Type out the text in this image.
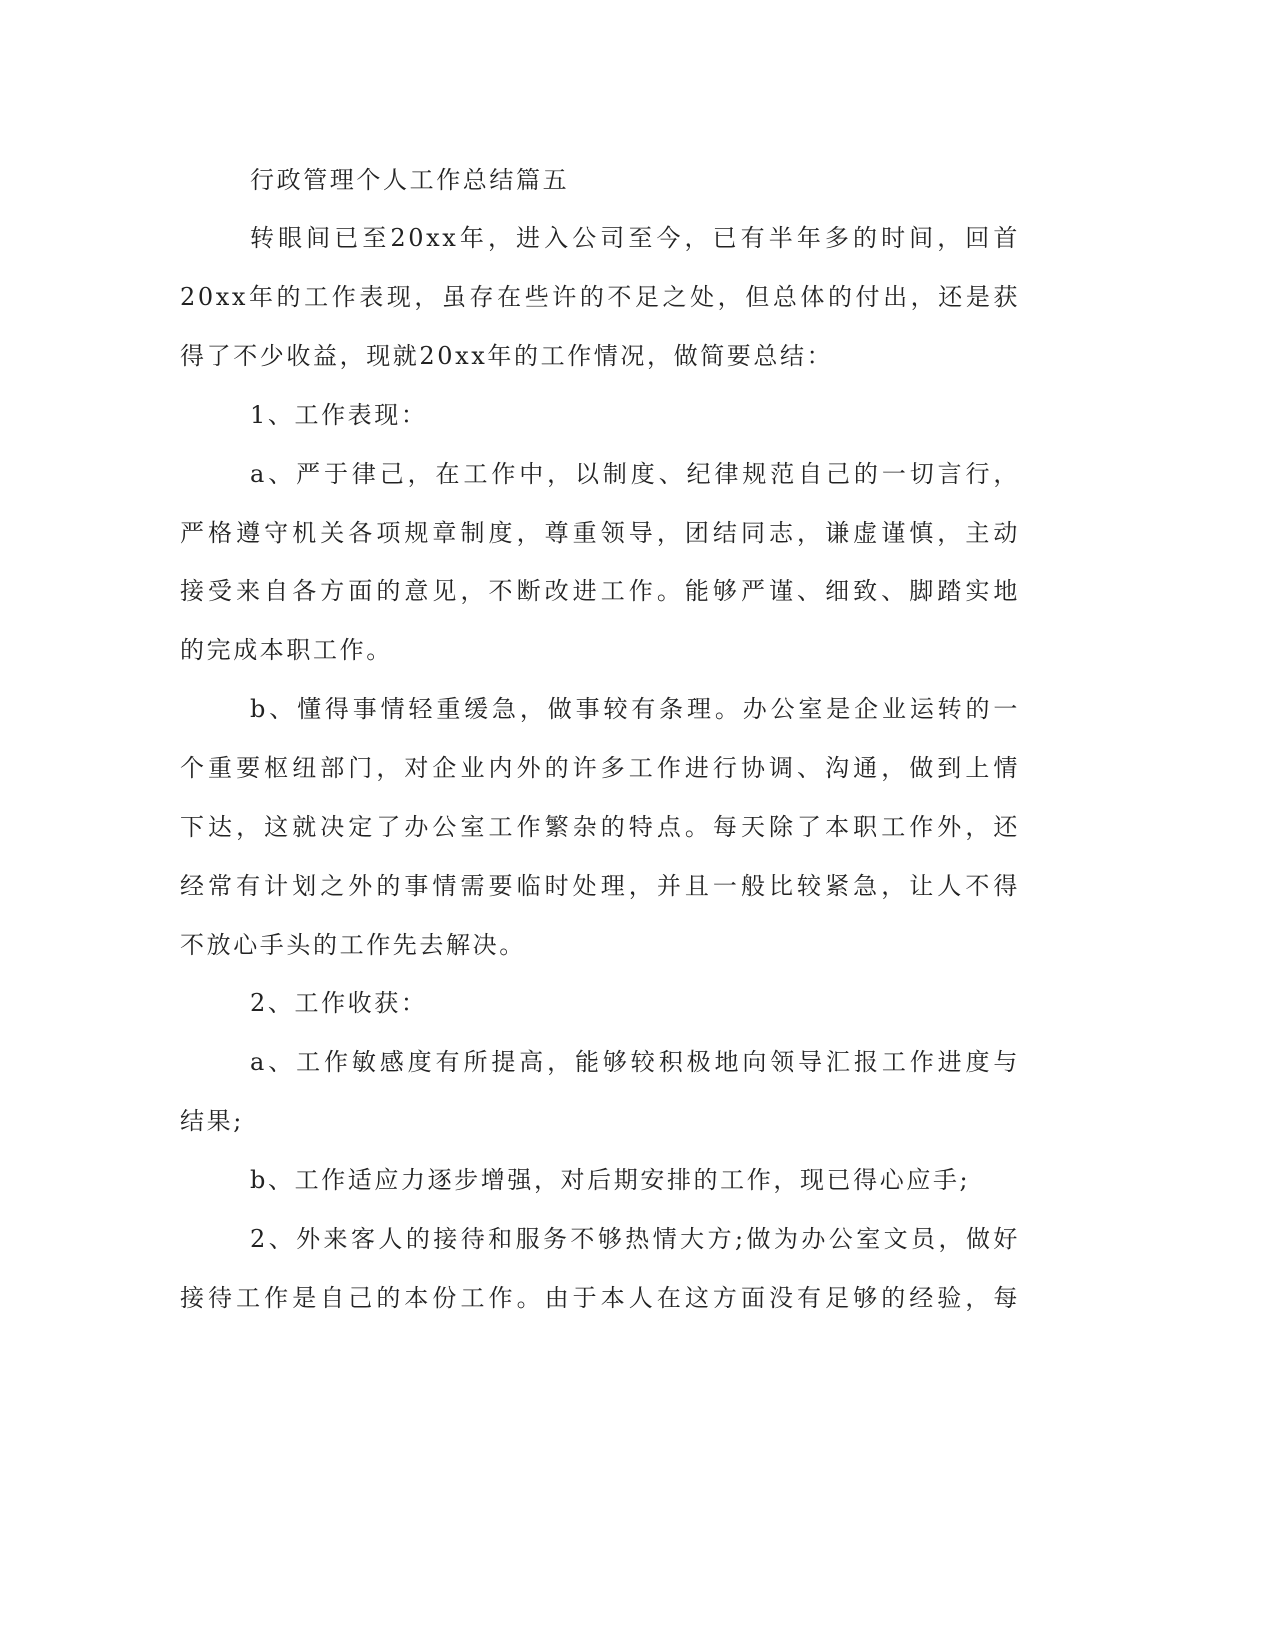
行政管理个人工作总结篇五
转眼间已至20xx年，进入公司至今，已有半年多的时间，回首
20xx年的工作表现，虽存在些许的不足之处，但总体的付出，还是获
得了不少收益，现就20xx年的工作情况，做简要总结：
1、工作表现：
a、严于律己，在工作中，以制度、纪律规范自己的一切言行，
严格遵守机关各项规章制度，尊重领导，团结同志，谦虚谨慎，主动
接受来自各方面的意见，不断改进工作。能够严谨、细致、脚踏实地
的完成本职工作。
b、懂得事情轻重缓急，做事较有条理。办公室是企业运转的一
个重要枢纽部门，对企业内外的许多工作进行协调、沟通，做到上情
下达，这就决定了办公室工作繁杂的特点。每天除了本职工作外，还
经常有计划之外的事情需要临时处理，并且一般比较紧急，让人不得
不放心手头的工作先去解决。
2、工作收获：
a、工作敏感度有所提高，能够较积极地向领导汇报工作进度与
结果;
b、工作适应力逐步增强，对后期安排的工作，现已得心应手;
2、外来客人的接待和服务不够热情大方;做为办公室文员，做好
接待工作是自己的本份工作。由于本人在这方面没有足够的经验，每
